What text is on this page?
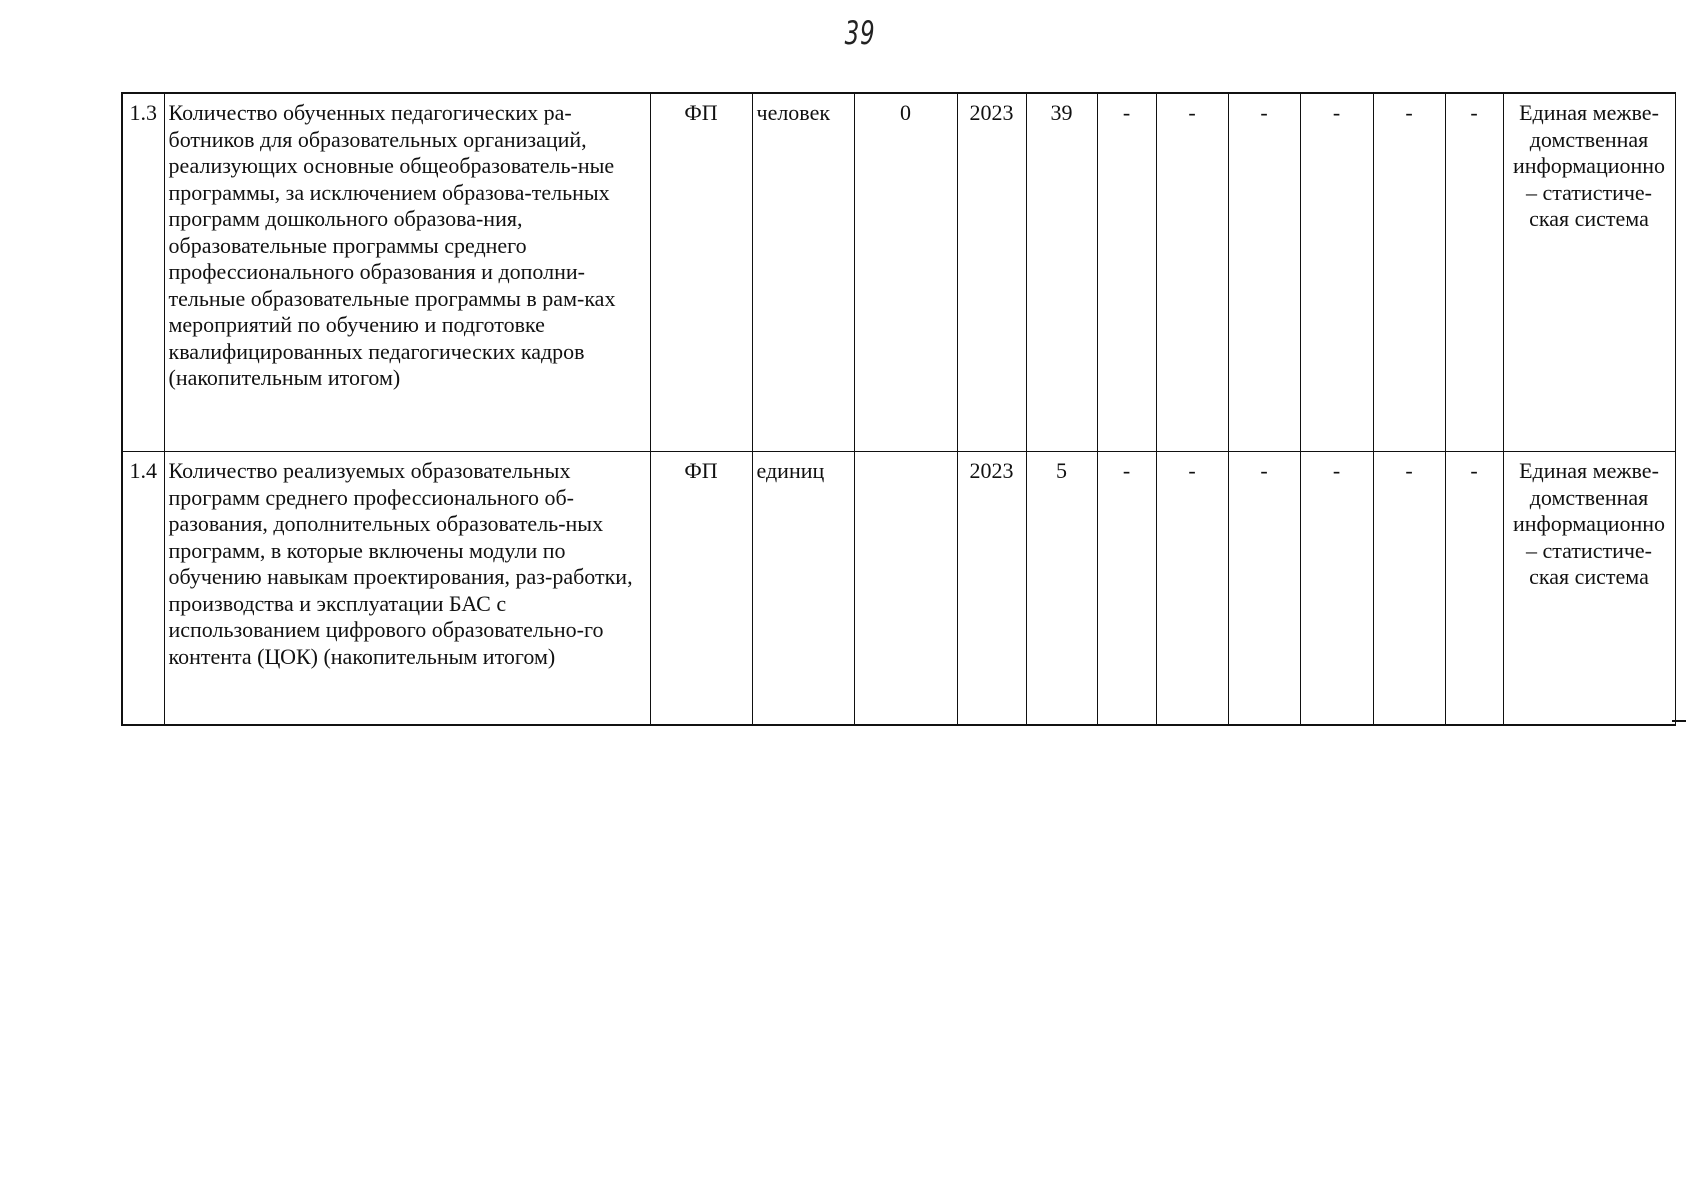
39
1.3	Количество обученных педагогических ра-ботников для образовательных организаций, реализующих основные общеобразователь-ные программы, за исключением образова-тельных программ дошкольного образова-ния, образовательные программы среднего профессионального образования и дополни-тельные образовательные программы в рам-ках мероприятий по обучению и подготовке квалифицированных педагогических кадров (накопительным итогом)	ФП	человек	0	2023	39	-	-	-	-	-	-	Единая межве-домственная информационно – статистиче-ская система
1.4	Количество реализуемых образовательных программ среднего профессионального об-разования, дополнительных образователь-ных программ, в которые включены модули по обучению навыкам проектирования, раз-работки, производства и эксплуатации БАС с использованием цифрового образовательно-го контента (ЦОК) (накопительным итогом)	ФП	единиц		2023	5	-	-	-	-	-	-	Единая межве-домственная информационно – статистиче-ская система
